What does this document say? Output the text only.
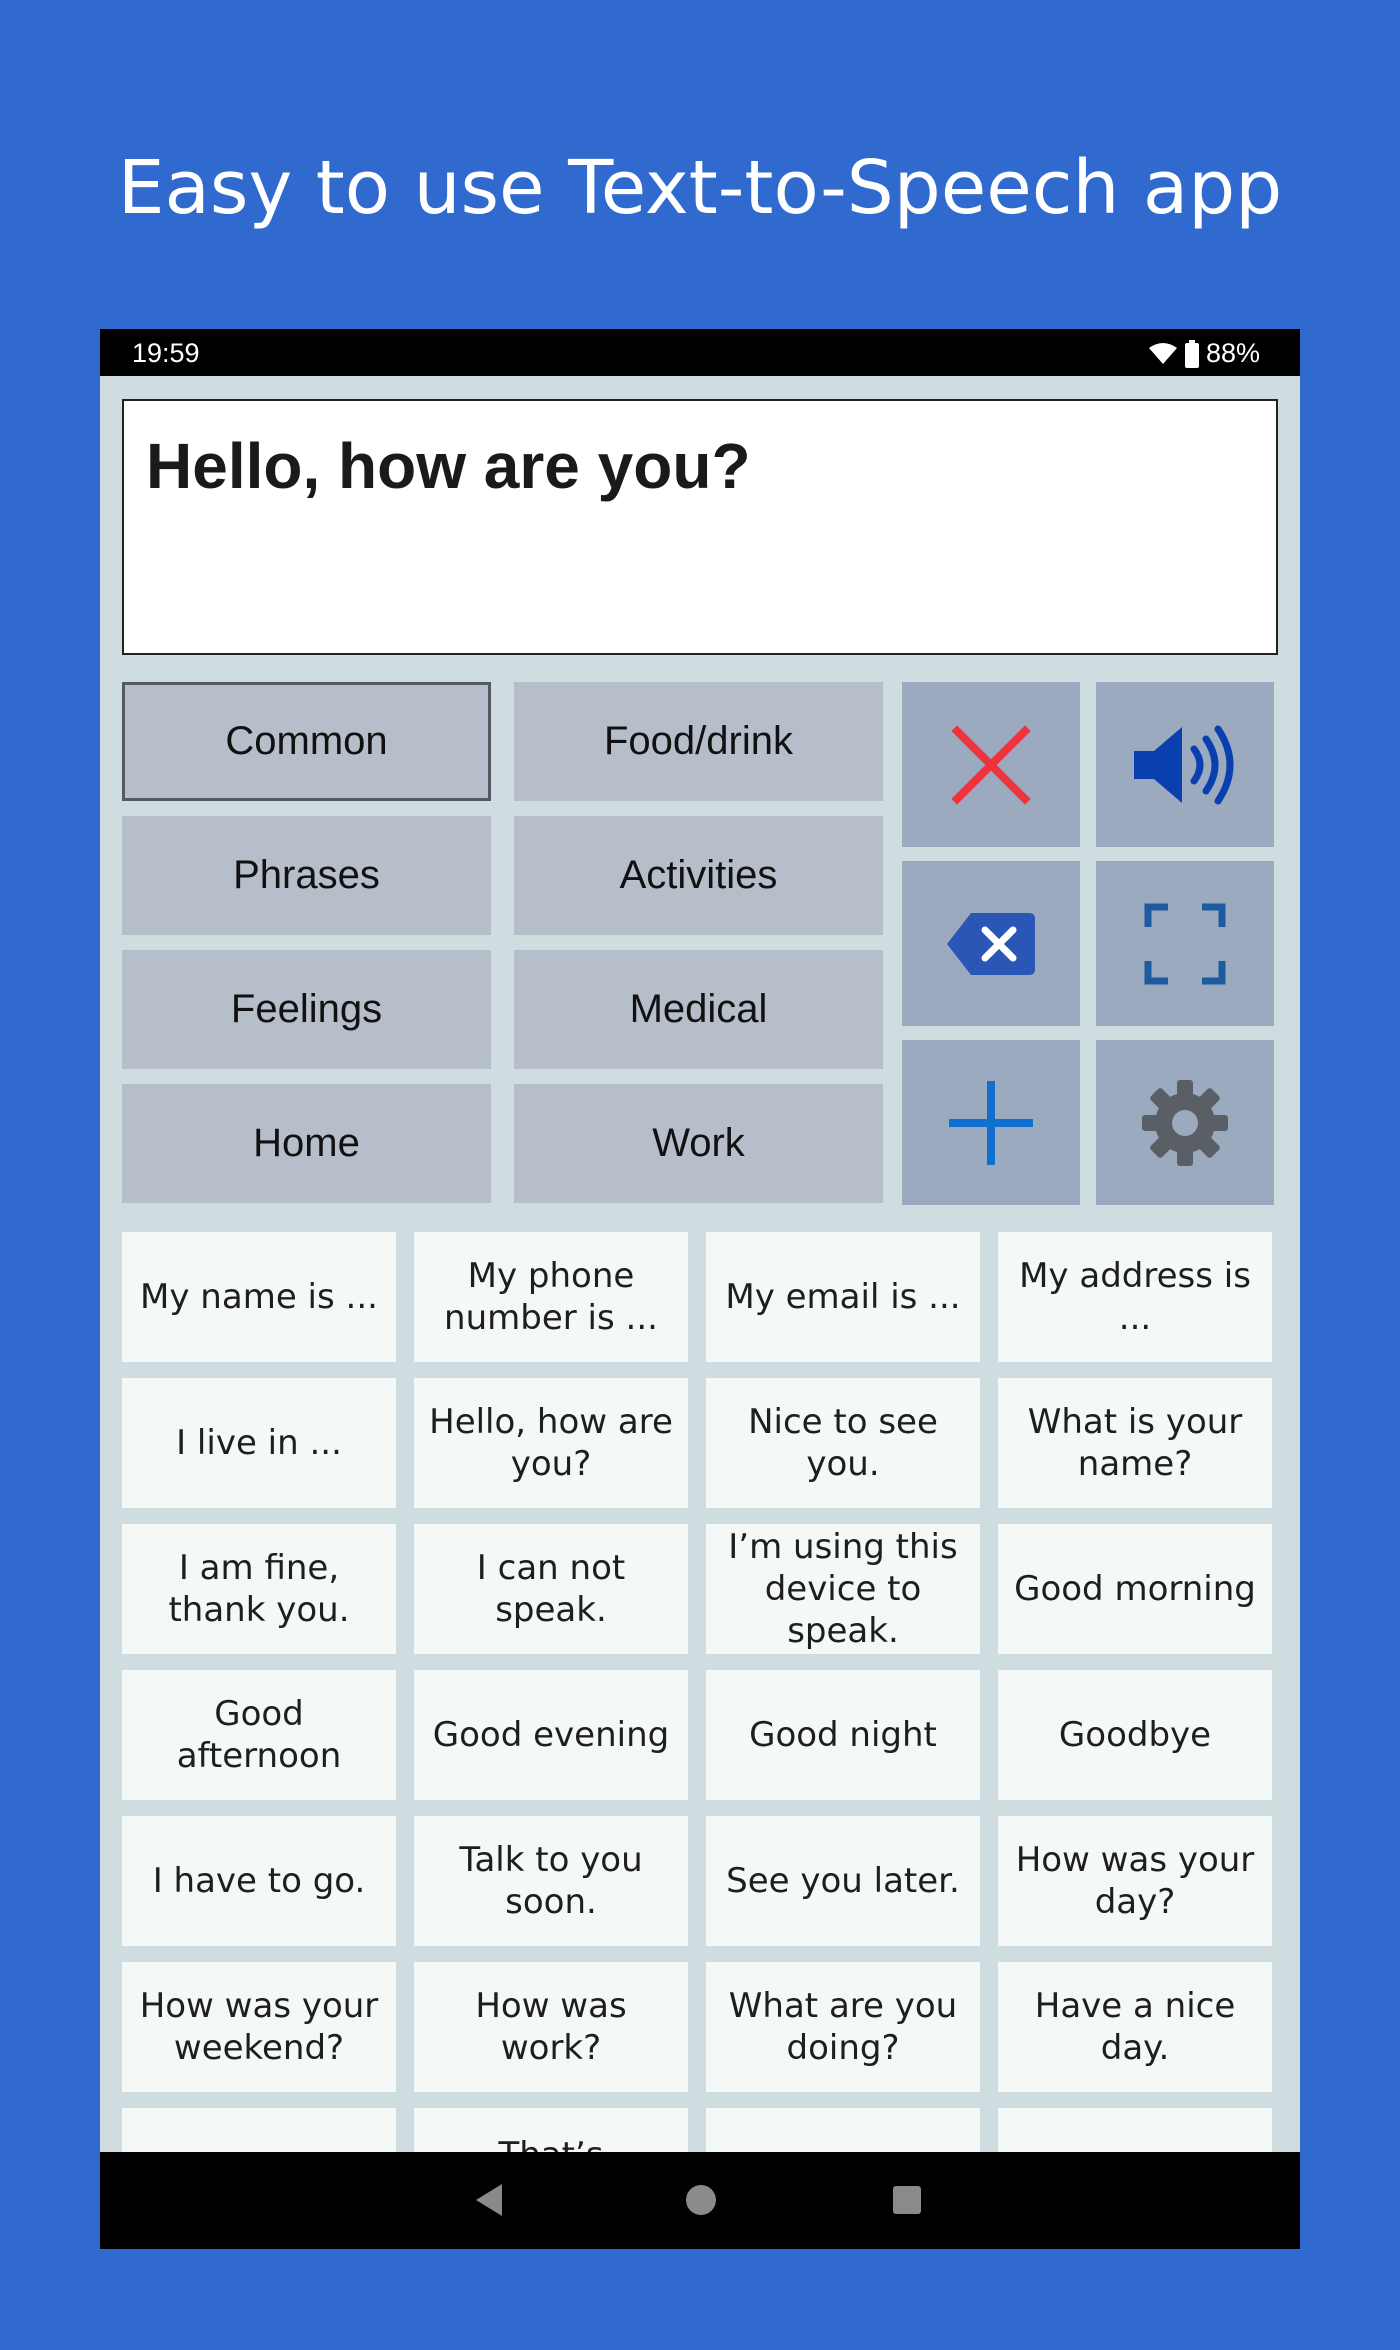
Easy to use Text-to-Speech app
19:59	88%
Hello, how are you?
Common	Food/drink
Phrases	Activities
Feelings	Medical
Home	Work
My name is ...
My phone number is ...
My email is ...
My address is ...
I live in ...
Hello, how are you?
Nice to see you.
What is your name?
I am fine, thank you.
I can not speak.
I’m using this device to speak.
Good morning
Good afternoon
Good evening	Good night	Goodbye
I have to go.
Talk to you soon.
See you later.
How was your day?
How was your weekend?
How was work?
What are you doing?
Have a nice day.
